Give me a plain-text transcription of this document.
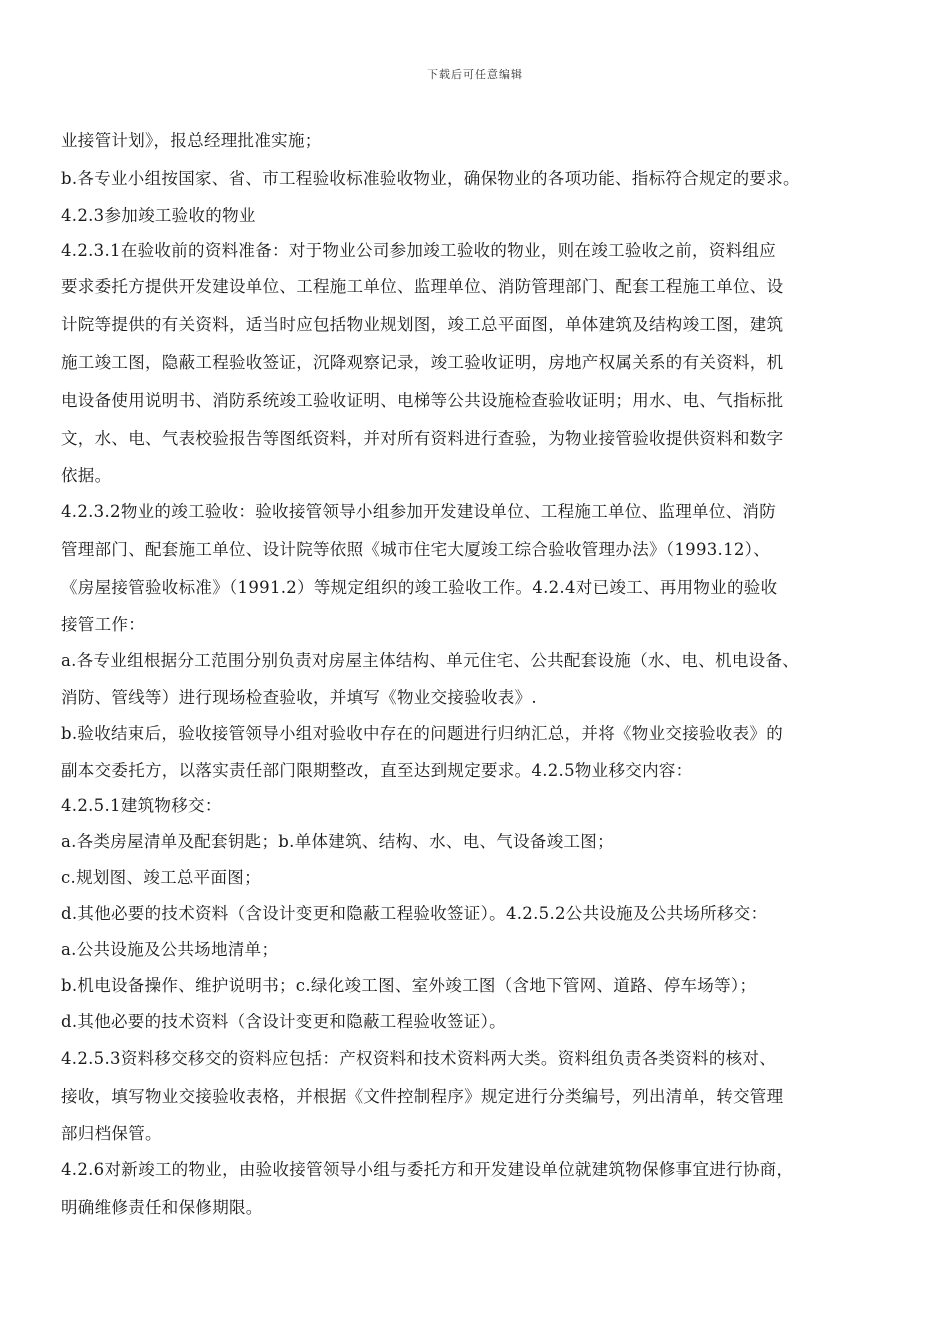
下载后可任意编辑
业接管计划》，报总经理批准实施；
b.各专业小组按国家、省、市工程验收标准验收物业，确保物业的各项功能、指标符合规定的要求。
4.2.3参加竣工验收的物业
4.2.3.1在验收前的资料准备：对于物业公司参加竣工验收的物业，则在竣工验收之前，资料组应
要求委托方提供开发建设单位、工程施工单位、监理单位、消防管理部门、配套工程施工单位、设
计院等提供的有关资料，适当时应包括物业规划图，竣工总平面图，单体建筑及结构竣工图，建筑
施工竣工图，隐蔽工程验收签证，沉降观察记录，竣工验收证明，房地产权属关系的有关资料，机
电设备使用说明书、消防系统竣工验收证明、电梯等公共设施检查验收证明；用水、电、气指标批
文，水、电、气表校验报告等图纸资料，并对所有资料进行查验，为物业接管验收提供资料和数字
依据。
4.2.3.2物业的竣工验收：验收接管领导小组参加开发建设单位、工程施工单位、监理单位、消防
管理部门、配套施工单位、设计院等依照《城市住宅大厦竣工综合验收管理办法》（1993.12）、
《房屋接管验收标准》（1991.2）等规定组织的竣工验收工作。4.2.4对已竣工、再用物业的验收
接管工作：
a.各专业组根据分工范围分别负责对房屋主体结构、单元住宅、公共配套设施（水、电、机电设备、
消防、管线等）进行现场检查验收，并填写《物业交接验收表》.
b.验收结束后，验收接管领导小组对验收中存在的问题进行归纳汇总，并将《物业交接验收表》的
副本交委托方，以落实责任部门限期整改，直至达到规定要求。4.2.5物业移交内容：
4.2.5.1建筑物移交：
a.各类房屋清单及配套钥匙；b.单体建筑、结构、水、电、气设备竣工图；
c.规划图、竣工总平面图；
d.其他必要的技术资料（含设计变更和隐蔽工程验收签证）。4.2.5.2公共设施及公共场所移交：
a.公共设施及公共场地清单；
b.机电设备操作、维护说明书；c.绿化竣工图、室外竣工图（含地下管网、道路、停车场等）；
d.其他必要的技术资料（含设计变更和隐蔽工程验收签证）。
4.2.5.3资料移交移交的资料应包括：产权资料和技术资料两大类。资料组负责各类资料的核对、
接收，填写物业交接验收表格，并根据《文件控制程序》规定进行分类编号，列出清单，转交管理
部归档保管。
4.2.6对新竣工的物业，由验收接管领导小组与委托方和开发建设单位就建筑物保修事宜进行协商，
明确维修责任和保修期限。
